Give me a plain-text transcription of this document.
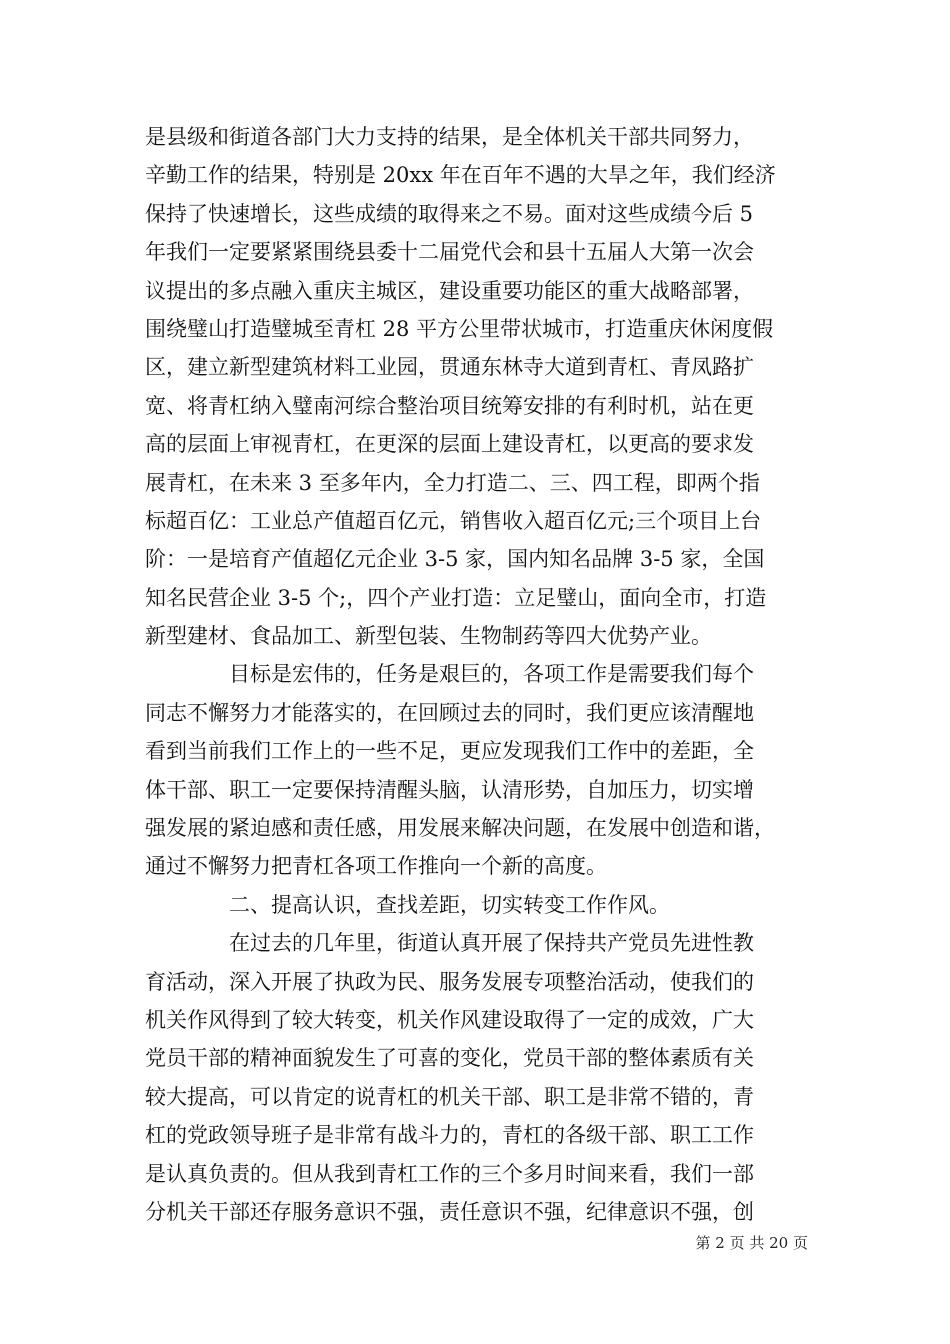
是县级和街道各部门大力支持的结果，是全体机关干部共同努力，
辛勤工作的结果，特别是 20xx 年在百年不遇的大旱之年，我们经济
保持了快速增长，这些成绩的取得来之不易。面对这些成绩今后 5
年我们一定要紧紧围绕县委十二届党代会和县十五届人大第一次会
议提出的多点融入重庆主城区，建设重要功能区的重大战略部署，
围绕璧山打造璧城至青杠 28 平方公里带状城市，打造重庆休闲度假
区，建立新型建筑材料工业园，贯通东林寺大道到青杠、青凤路扩
宽、将青杠纳入璧南河综合整治项目统筹安排的有利时机，站在更
高的层面上审视青杠，在更深的层面上建设青杠，以更高的要求发
展青杠，在未来 3 至多年内，全力打造二、三、四工程，即两个指
标超百亿：工业总产值超百亿元，销售收入超百亿元;三个项目上台
阶：一是培育产值超亿元企业 3-5 家，国内知名品牌 3-5 家，全国
知名民营企业 3-5 个;，四个产业打造：立足璧山，面向全市，打造
新型建材、食品加工、新型包装、生物制药等四大优势产业。
　　　　目标是宏伟的，任务是艰巨的，各项工作是需要我们每个
同志不懈努力才能落实的，在回顾过去的同时，我们更应该清醒地
看到当前我们工作上的一些不足，更应发现我们工作中的差距，全
体干部、职工一定要保持清醒头脑，认清形势，自加压力，切实增
强发展的紧迫感和责任感，用发展来解决问题，在发展中创造和谐，
通过不懈努力把青杠各项工作推向一个新的高度。
　　　　二、提高认识，查找差距，切实转变工作作风。
　　　　在过去的几年里，街道认真开展了保持共产党员先进性教
育活动，深入开展了执政为民、服务发展专项整治活动，使我们的
机关作风得到了较大转变，机关作风建设取得了一定的成效，广大
党员干部的精神面貌发生了可喜的变化，党员干部的整体素质有关
较大提高，可以肯定的说青杠的机关干部、职工是非常不错的，青
杠的党政领导班子是非常有战斗力的，青杠的各级干部、职工工作
是认真负责的。但从我到青杠工作的三个多月时间来看，我们一部
分机关干部还存服务意识不强，责任意识不强，纪律意识不强，创
第 2 页 共 20 页
